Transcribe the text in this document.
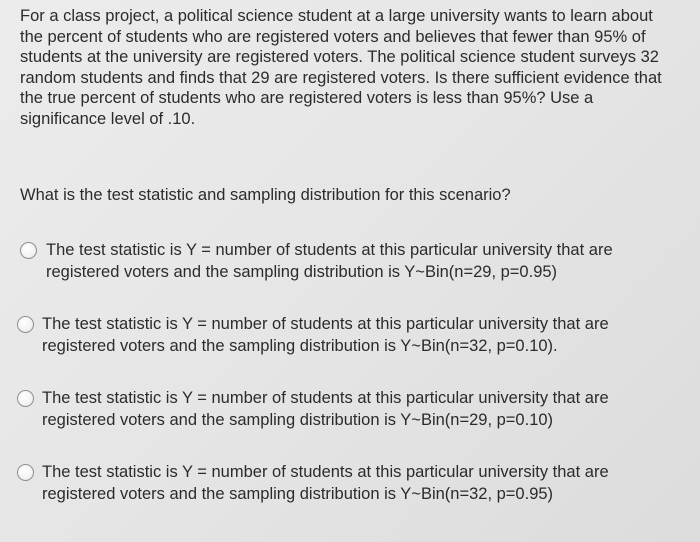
For a class project, a political science student at a large university wants to learn about the percent of students who are registered voters and believes that fewer than 95% of students at the university are registered voters. The political science student surveys 32 random students and finds that 29 are registered voters. Is there sufficient evidence that the true percent of students who are registered voters is less than 95%? Use a significance level of .10.

What is the test statistic and sampling distribution for this scenario?

The test statistic is Y = number of students at this particular university that are registered voters and the sampling distribution is Y~Bin(n=29, p=0.95)
The test statistic is Y = number of students at this particular university that are registered voters and the sampling distribution is Y~Bin(n=32, p=0.10).
The test statistic is Y = number of students at this particular university that are registered voters and the sampling distribution is Y~Bin(n=29, p=0.10)
The test statistic is Y = number of students at this particular university that are registered voters and the sampling distribution is Y~Bin(n=32, p=0.95)
